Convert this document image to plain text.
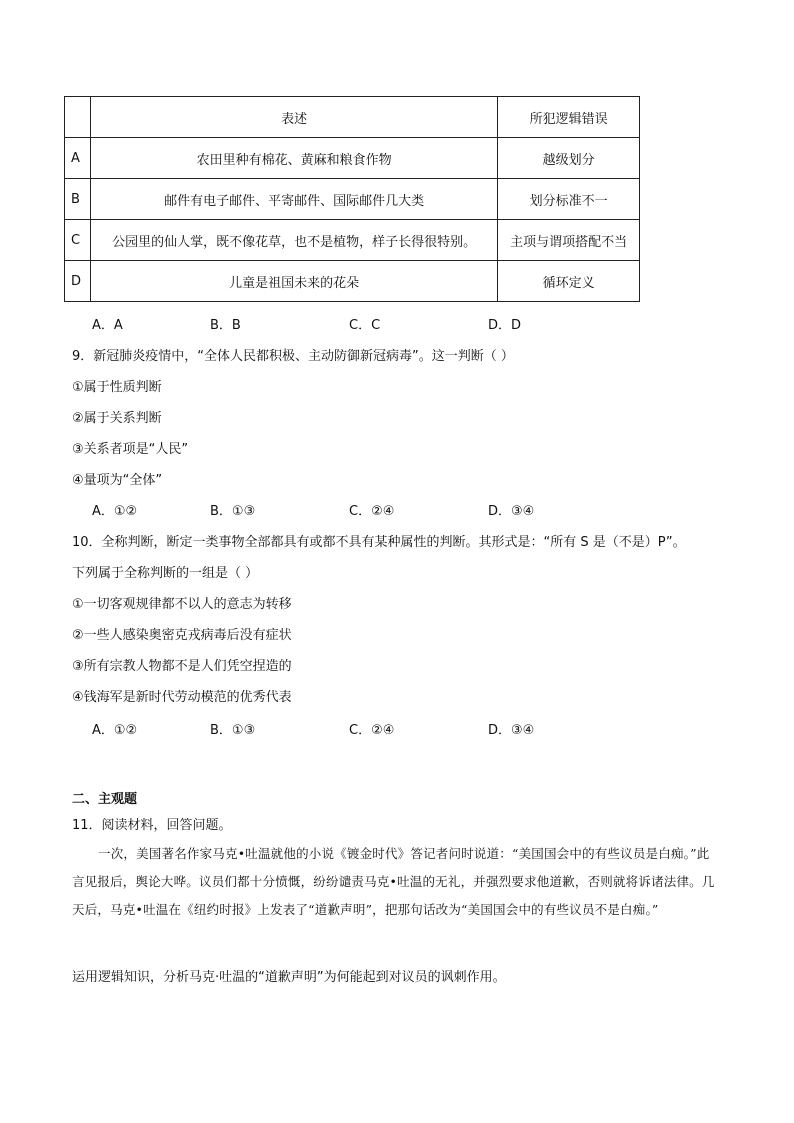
	表述	所犯逻辑错误
A	农田里种有棉花、黄麻和粮食作物	越级划分
B	邮件有电子邮件、平寄邮件、国际邮件几大类	划分标准不一
C	公园里的仙人掌，既不像花草，也不是植物，样子长得很特别。	主项与谓项搭配不当
D	儿童是祖国未来的花朵	循环定义
A．A	B．B	C．C	D．D
9．新冠肺炎疫情中，“全体人民都积极、主动防御新冠病毒”。这一判断（ ）
①属于性质判断
②属于关系判断
③关系者项是“人民”
④量项为“全体”
A．①②	B．①③	C．②④	D．③④
10．全称判断，断定一类事物全部都具有或都不具有某种属性的判断。其形式是：“所有 S 是（不是）P”。
下列属于全称判断的一组是（ ）
①一切客观规律都不以人的意志为转移
②一些人感染奥密克戎病毒后没有症状
③所有宗教人物都不是人们凭空捏造的
④钱海军是新时代劳动模范的优秀代表
A．①②	B．①③	C．②④	D．③④
二、主观题
11．阅读材料，回答问题。
一次，美国著名作家马克•吐温就他的小说《镀金时代》答记者问时说道：“美国国会中的有些议员是白痴。”此言见报后，舆论大哗。议员们都十分愤慨，纷纷谴责马克•吐温的无礼，并强烈要求他道歉，否则就将诉诸法律。几天后，马克•吐温在《纽约时报》上发表了“道歉声明”，把那句话改为“美国国会中的有些议员不是白痴。”
运用逻辑知识，分析马克·吐温的“道歉声明”为何能起到对议员的讽刺作用。
